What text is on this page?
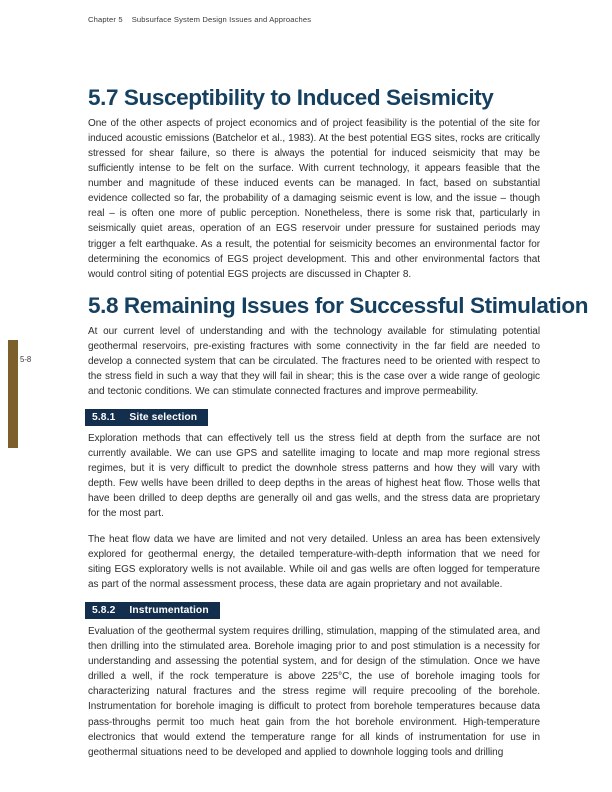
Chapter 5 Subsurface System Design Issues and Approaches
5-8
5.7 Susceptibility to Induced Seismicity

One of the other aspects of project economics and of project feasibility is the potential of the site for induced acoustic emissions (Batchelor et al., 1983). At the best potential EGS sites, rocks are critically stressed for shear failure, so there is always the potential for induced seismicity that may be sufficiently intense to be felt on the surface. With current technology, it appears feasible that the number and magnitude of these induced events can be managed. In fact, based on substantial evidence collected so far, the probability of a damaging seismic event is low, and the issue – though real – is often one more of public perception. Nonetheless, there is some risk that, particularly in seismically quiet areas, operation of an EGS reservoir under pressure for sustained periods may trigger a felt earthquake. As a result, the potential for seismicity becomes an environmental factor for determining the economics of EGS project development. This and other environmental factors that would control siting of potential EGS projects are discussed in Chapter 8.

5.8 Remaining Issues for Successful Stimulation

At our current level of understanding and with the technology available for stimulating potential geothermal reservoirs, pre-existing fractures with some connectivity in the far field are needed to develop a connected system that can be circulated. The fractures need to be oriented with respect to the stress field in such a way that they will fail in shear; this is the case over a wide range of geologic and tectonic conditions. We can stimulate connected fractures and improve permeability.

5.8.1 Site selection

Exploration methods that can effectively tell us the stress field at depth from the surface are not currently available. We can use GPS and satellite imaging to locate and map more regional stress regimes, but it is very difficult to predict the downhole stress patterns and how they will vary with depth. Few wells have been drilled to deep depths in the areas of highest heat flow. Those wells that have been drilled to deep depths are generally oil and gas wells, and the stress data are proprietary for the most part.

The heat flow data we have are limited and not very detailed. Unless an area has been extensively explored for geothermal energy, the detailed temperature-with-depth information that we need for siting EGS exploratory wells is not available. While oil and gas wells are often logged for temperature as part of the normal assessment process, these data are again proprietary and not available.

5.8.2 Instrumentation

Evaluation of the geothermal system requires drilling, stimulation, mapping of the stimulated area, and then drilling into the stimulated area. Borehole imaging prior to and post stimulation is a necessity for understanding and assessing the potential system, and for design of the stimulation. Once we have drilled a well, if the rock temperature is above 225°C, the use of borehole imaging tools for characterizing natural fractures and the stress regime will require precooling of the borehole. Instrumentation for borehole imaging is difficult to protect from borehole temperatures because data pass-throughs permit too much heat gain from the hot borehole environment. High-temperature electronics that would extend the temperature range for all kinds of instrumentation for use in geothermal situations need to be developed and applied to downhole logging tools and drilling
